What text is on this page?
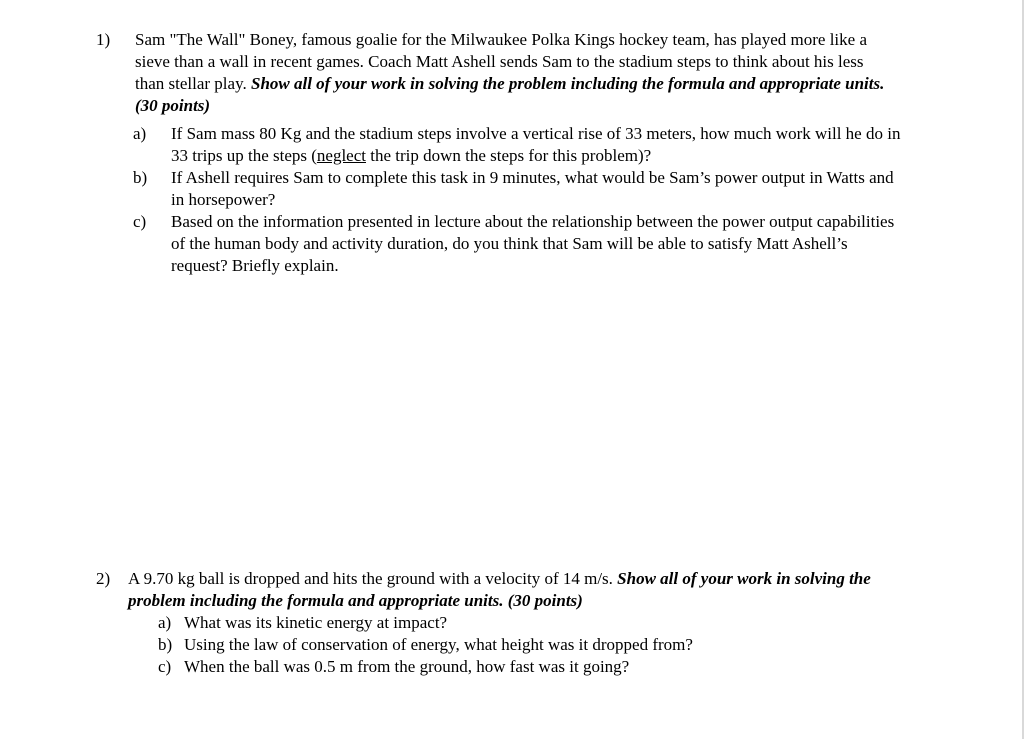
1) Sam "The Wall" Boney, famous goalie for the Milwaukee Polka Kings hockey team, has played more like a sieve than a wall in recent games. Coach Matt Ashell sends Sam to the stadium steps to think about his less than stellar play. Show all of your work in solving the problem including the formula and appropriate units. (30 points)
a) If Sam mass 80 Kg and the stadium steps involve a vertical rise of 33 meters, how much work will he do in 33 trips up the steps (neglect the trip down the steps for this problem)?
b) If Ashell requires Sam to complete this task in 9 minutes, what would be Sam’s power output in Watts and in horsepower?
c) Based on the information presented in lecture about the relationship between the power output capabilities of the human body and activity duration, do you think that Sam will be able to satisfy Matt Ashell’s request? Briefly explain.
2) A 9.70 kg ball is dropped and hits the ground with a velocity of 14 m/s. Show all of your work in solving the problem including the formula and appropriate units. (30 points)
a) What was its kinetic energy at impact?
b) Using the law of conservation of energy, what height was it dropped from?
c) When the ball was 0.5 m from the ground, how fast was it going?
